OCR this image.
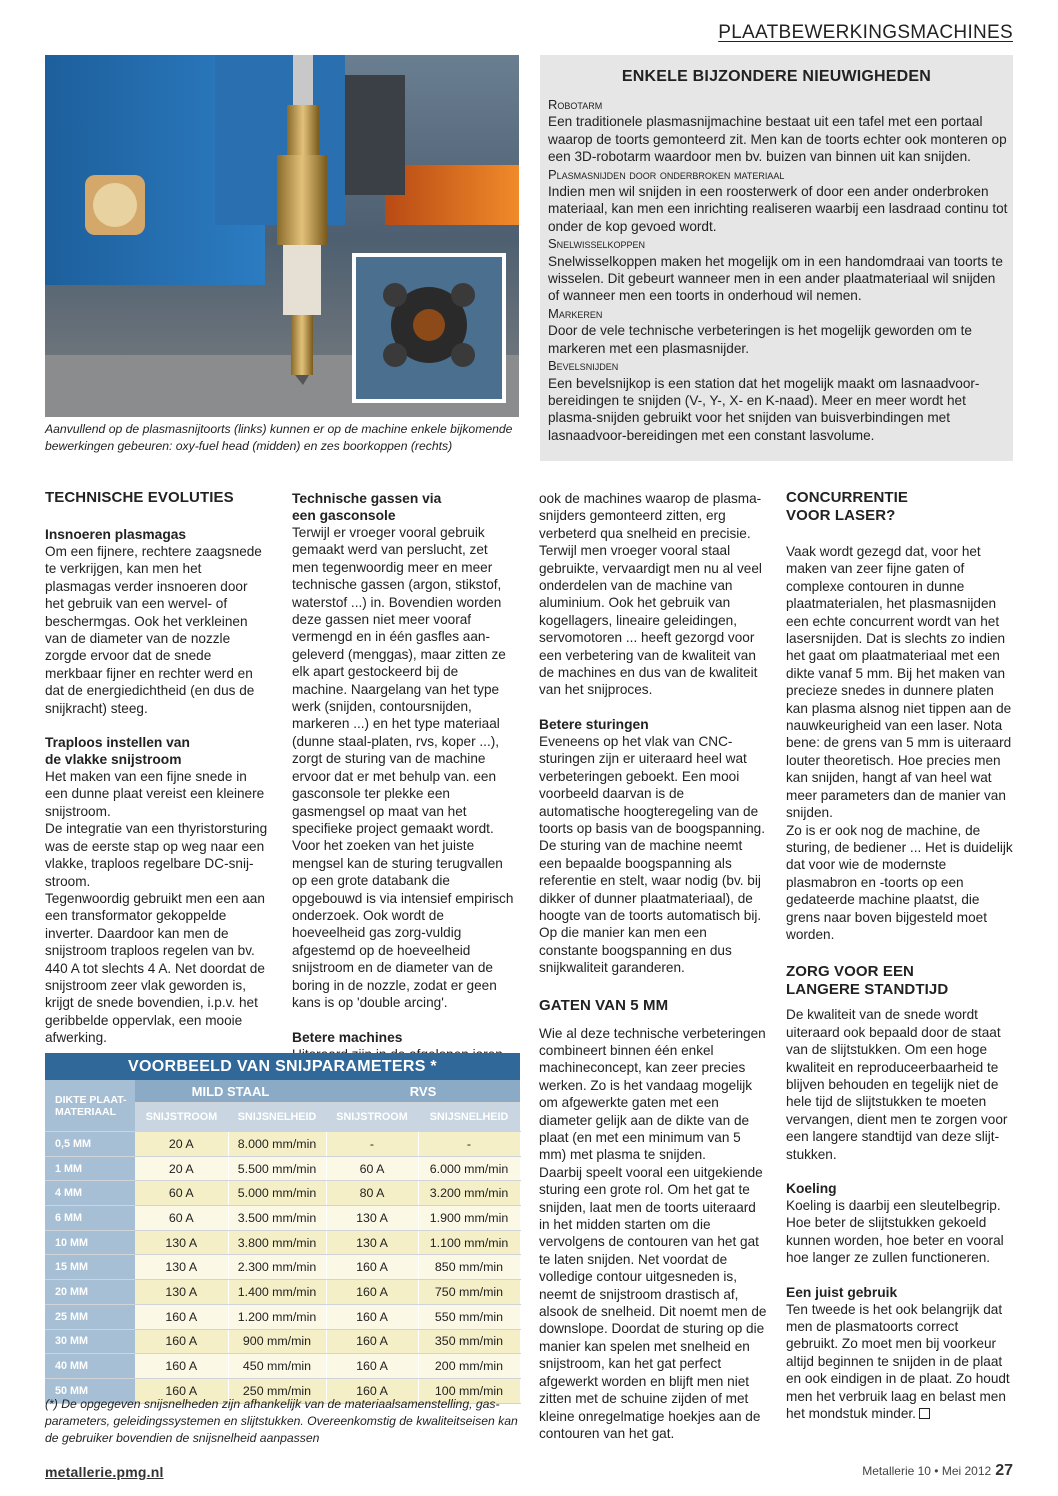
PLAATBEWERKINGSMACHINES
Aanvullend op de plasmasnijtoorts (links) kunnen er op de machine enkele bijkomende bewerkingen gebeuren: oxy-fuel head (midden) en zes boorkoppen (rechts)
ENKELE BIJZONDERE NIEUWIGHEDEN
Robotarm
Een traditionele plasmasnijmachine bestaat uit een tafel met een portaal waarop de toorts gemonteerd zit. Men kan de toorts echter ook monteren op een 3D-robotarm waardoor men bv. buizen van binnen uit kan snijden.
Plasmasnijden door onderbroken materiaal
Indien men wil snijden in een roosterwerk of door een ander onderbroken materiaal, kan men een inrichting realiseren waarbij een lasdraad continu tot onder de kop gevoed wordt.
Snelwisselkoppen
Snelwisselkoppen maken het mogelijk om in een handomdraai van toorts te wisselen. Dit gebeurt wanneer men in een ander plaatmateriaal wil snijden of wanneer men een toorts in onderhoud wil nemen.
Markeren
Door de vele technische verbeteringen is het mogelijk geworden om te markeren met een plasmasnijder.
Bevelsnijden
Een bevelsnijkop is een station dat het mogelijk maakt om lasnaadvoor-bereidingen te snijden (V-, Y-, X- en K-naad). Meer en meer wordt het plasma-snijden gebruikt voor het snijden van buisverbindingen met lasnaadvoor-bereidingen met een constant lasvolume.
TECHNISCHE EVOLUTIES
Insnoeren plasmagas

Om een fijnere, rechtere zaagsnede te verkrijgen, kan men het plasmagas verder insnoeren door het gebruik van een wervel- of beschermgas. Ook het verkleinen van de diameter van de nozzle zorgde ervoor dat de snede merkbaar fijner en rechter werd en dat de energiedichtheid (en dus de snijkracht) steeg.

Traploos instellen van de vlakke snijstroom

Het maken van een fijne snede in een dunne plaat vereist een kleinere snijstroom.

De integratie van een thyristorsturing was de eerste stap op weg naar een vlakke, traploos regelbare DC-snij-stroom.

Tegenwoordig gebruikt men een aan een transformator gekoppelde inverter. Daardoor kan men de snijstroom traploos regelen van bv. 440 A tot slechts 4 A. Net doordat de snijstroom zeer vlak geworden is, krijgt de snede bovendien, i.p.v. het geribbelde oppervlak, een mooie afwerking.

Technische gassen via een gasconsole

Terwijl er vroeger vooral gebruik gemaakt werd van perslucht, zet men tegenwoordig meer en meer technische gassen (argon, stikstof, waterstof ...) in. Bovendien worden deze gassen niet meer vooraf vermengd en in één gasfles aan-geleverd (menggas), maar zitten ze elk apart gestockeerd bij de machine. Naargelang van het type werk (snijden, contoursnijden, markeren ...) en het type materiaal (dunne staal-platen, rvs, koper ...), zorgt de sturing van de machine ervoor dat er met behulp van. een gasconsole ter plekke een gasmengsel op maat van het specifieke project gemaakt wordt. Voor het zoeken van het juiste mengsel kan de sturing terugvallen op een grote databank die opgebouwd is via intensief empirisch onderzoek. Ook wordt de hoeveelheid gas zorg-vuldig afgestemd op de hoeveelheid snijstroom en de diameter van de boring in de nozzle, zodat er geen kans is op 'double arcing'.

Betere machines

ook de machines waarop de plasma-snijders gemonteerd zitten, erg verbeterd qua snelheid en precisie. Terwijl men vroeger vooral staal gebruikte, vervaardigt men nu al veel onderdelen van de machine van aluminium. Ook het gebruik van kogellagers, lineaire geleidingen, servomotoren ... heeft gezorgd voor een verbetering van de kwaliteit van de machines en dus van de kwaliteit van het snijproces.

Betere sturingen

Eveneens op het vlak van CNC-sturingen zijn er uiteraard heel wat verbeteringen geboekt. Een mooi voorbeeld daarvan is de automatische hoogteregeling van de toorts op basis van de boogspanning. De sturing van de machine neemt een bepaalde boogspanning als referentie en stelt, waar nodig (bv. bij dikker of dunner plaatmateriaal), de hoogte van de toorts automatisch bij. Op die manier kan men een constante boogspanning en dus snijkwaliteit garanderen.

GATEN VAN 5 MM

Wie al deze technische verbeteringen combineert binnen één enkel machineconcept, kan zeer precies werken. Zo is het vandaag mogelijk om afgewerkte gaten met een diameter gelijk aan de dikte van de plaat (en met een minimum van 5 mm) met plasma te snijden.

Daarbij speelt vooral een uitgekiende sturing een grote rol. Om het gat te snijden, laat men de toorts uiteraard in het midden starten om die vervolgens de contouren van het gat te laten snijden. Net voordat de volledige contour uitgesneden is, neemt de snijstroom drastisch af, alsook de snelheid. Dit noemt men de downslope. Doordat de sturing op die manier kan spelen met snelheid en snijstroom, kan het gat perfect afgewerkt worden en blijft men niet zitten met de schuine zijden of met kleine onregelmatige hoekjes aan de contouren van het gat.

CONCURRENTIE VOOR LASER?

Vaak wordt gezegd dat, voor het maken van zeer fijne gaten of complexe contouren in dunne plaatmaterialen, het plasmasnijden een echte concurrent wordt van het lasersnijden. Dat is slechts zo indien het gaat om plaatmateriaal met een dikte vanaf 5 mm. Bij het maken van precieze snedes in dunnere platen kan plasma alsnog niet tippen aan de nauwkeurigheid van een laser. Nota bene: de grens van 5 mm is uiteraard louter theoretisch. Hoe precies men kan snijden, hangt af van heel wat meer parameters dan de manier van snijden.

Zo is er ook nog de machine, de sturing, de bediener ... Het is duidelijk dat voor wie de modernste plasmabron en -toorts op een gedateerde machine plaatst, die grens naar boven bijgesteld moet worden.

ZORG VOOR EEN LANGERE STANDTIJD

De kwaliteit van de snede wordt uiteraard ook bepaald door de staat van de slijtstukken. Om een hoge kwaliteit en reproduceerbaarheid te blijven behouden en tegelijk niet de hele tijd de slijtstukken te moeten vervangen, dient men te zorgen voor een langere standtijd van deze slijt-stukken.

Koeling

Koeling is daarbij een sleutelbegrip. Hoe beter de slijtstukken gekoeld kunnen worden, hoe beter en vooral hoe langer ze zullen functioneren.

Een juist gebruik

Ten tweede is het ook belangrijk dat men de plasmatoorts correct gebruikt. Zo moet men bij voorkeur altijd beginnen te snijden in de plaat en ook eindigen in de plaat. Zo houdt men het verbruik laag en belast men het mondstuk minder.

VOORBEELD VAN SNIJPARAMETERS *
DIKTE PLAAT- MATERIAAL	MILD STAAL		RVS	
	SNIJSTROOM	SNIJSNELHEID	SNIJSTROOM	SNIJSNELHEID
0,5 MM	20 A	8.000 mm/min	-	-
1 MM	20 A	5.500 mm/min	60 A	6.000 mm/min
4 MM	60 A	5.000 mm/min	80 A	3.200 mm/min
6 MM	60 A	3.500 mm/min	130 A	1.900 mm/min
10 MM	130 A	3.800 mm/min	130 A	1.100 mm/min
15 MM	130 A	2.300 mm/min	160 A	850 mm/min
20 MM	130 A	1.400 mm/min	160 A	750 mm/min
25 MM	160 A	1.200 mm/min	160 A	550 mm/min
30 MM	160 A	900 mm/min	160 A	350 mm/min
40 MM	160 A	450 mm/min	160 A	200 mm/min
50 MM	160 A	250 mm/min	160 A	100 mm/min
(*) De opgegeven snijsnelheden zijn afhankelijk van de materiaalsamenstelling, gas-parameters, geleidingssystemen en slijtstukken. Overeenkomstig de kwaliteitseisen kan de gebruiker bovendien de snijsnelheid aanpassen
metallerie.pmg.nl	Metallerie 10 • Mei 2012 27
